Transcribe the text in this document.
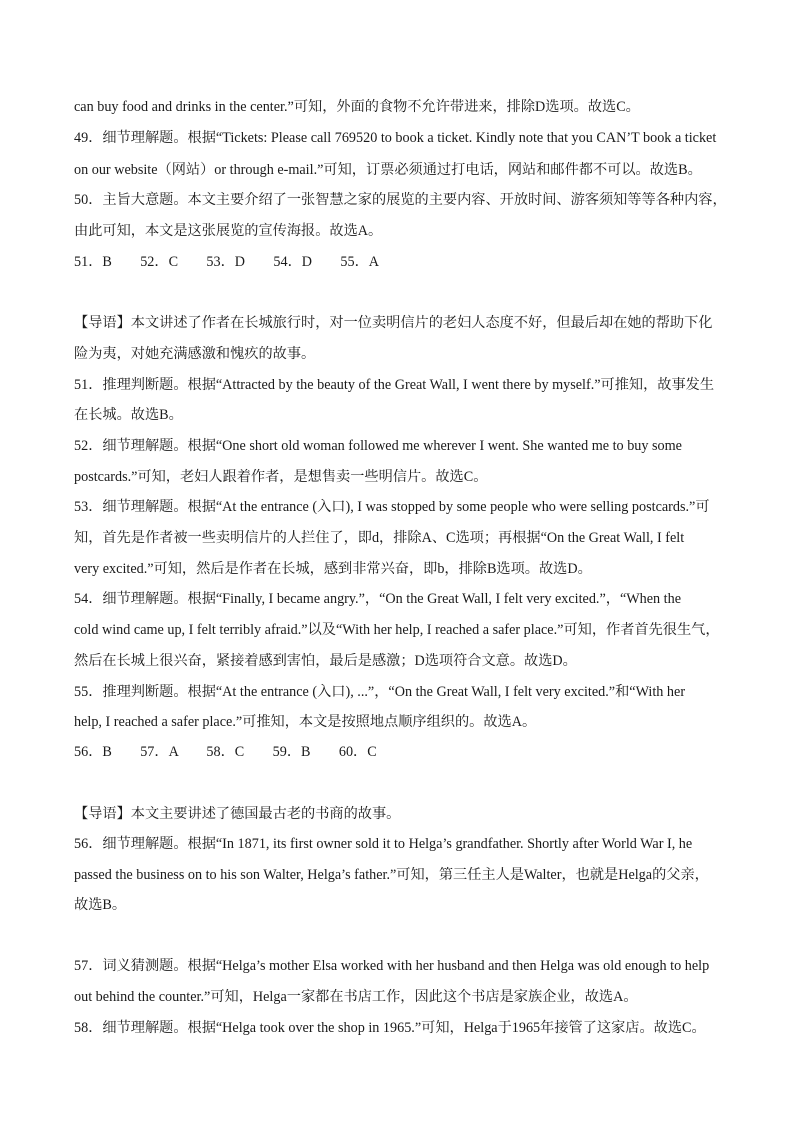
can buy food and drinks in the center.”可知，外面的食物不允许带进来，排除D选项。故选C。
49．细节理解题。根据“Tickets: Please call 769520 to book a ticket. Kindly note that you CAN’T book a ticket
on our website（网站）or through e-mail.”可知，订票必须通过打电话，网站和邮件都不可以。故选B。
50．主旨大意题。本文主要介绍了一张智慧之家的展览的主要内容、开放时间、游客须知等等各种内容，
由此可知，本文是这张展览的宣传海报。故选A。
51．B　　52．C　　53．D　　54．D　　55．A
【导语】本文讲述了作者在长城旅行时，对一位卖明信片的老妇人态度不好，但最后却在她的帮助下化
险为夷，对她充满感激和愧疚的故事。
51．推理判断题。根据“Attracted by the beauty of the Great Wall, I went there by myself.”可推知，故事发生
在长城。故选B。
52．细节理解题。根据“One short old woman followed me wherever I went. She wanted me to buy some
postcards.”可知，老妇人跟着作者，是想售卖一些明信片。故选C。
53．细节理解题。根据“At the entrance (入口), I was stopped by some people who were selling postcards.”可
知，首先是作者被一些卖明信片的人拦住了，即d，排除A、C选项；再根据“On the Great Wall, I felt
very excited.”可知，然后是作者在长城，感到非常兴奋，即b，排除B选项。故选D。
54．细节理解题。根据“Finally, I became angry.”，“On the Great Wall, I felt very excited.”，“When the
cold wind came up, I felt terribly afraid.”以及“With her help, I reached a safer place.”可知，作者首先很生气，
然后在长城上很兴奋，紧接着感到害怕，最后是感激；D选项符合文意。故选D。
55．推理判断题。根据“At the entrance (入口), ...”，“On the Great Wall, I felt very excited.”和“With her
help, I reached a safer place.”可推知，本文是按照地点顺序组织的。故选A。
56．B　　57．A　　58．C　　59．B　　60．C
【导语】本文主要讲述了德国最古老的书商的故事。
56．细节理解题。根据“In 1871, its first owner sold it to Helga’s grandfather. Shortly after World War I, he
passed the business on to his son Walter, Helga’s father.”可知，第三任主人是Walter，也就是Helga的父亲，
故选B。
57．词义猜测题。根据“Helga’s mother Elsa worked with her husband and then Helga was old enough to help
out behind the counter.”可知，Helga一家都在书店工作，因此这个书店是家族企业，故选A。
58．细节理解题。根据“Helga took over the shop in 1965.”可知，Helga于1965年接管了这家店。故选C。
